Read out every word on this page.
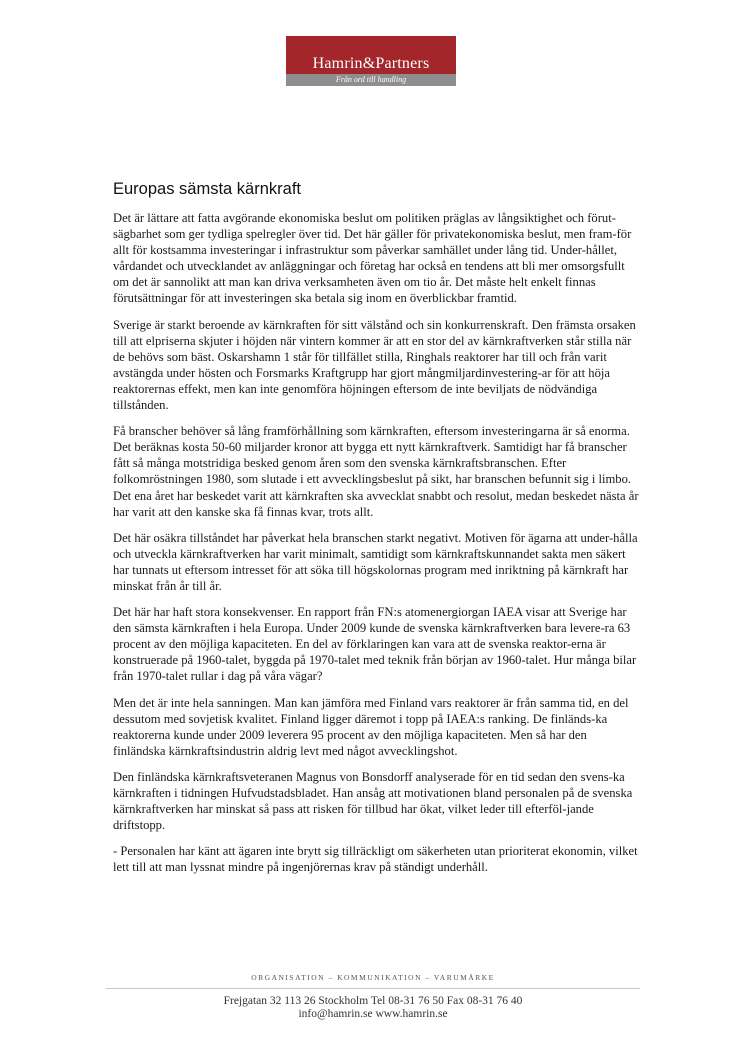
Hamrin&Partners
Från ord till handling
Europas sämsta kärnkraft

Det är lättare att fatta avgörande ekonomiska beslut om politiken präglas av långsiktighet och förut-sägbarhet som ger tydliga spelregler över tid. Det här gäller för privatekonomiska beslut, men fram-för allt för kostsamma investeringar i infrastruktur som påverkar samhället under lång tid. Under-hållet, vårdandet och utvecklandet av anläggningar och företag har också en tendens att bli mer omsorgsfullt om det är sannolikt att man kan driva verksamheten även om tio år. Det måste helt enkelt finnas förutsättningar för att investeringen ska betala sig inom en överblickbar framtid.

Sverige är starkt beroende av kärnkraften för sitt välstånd och sin konkurrenskraft. Den främsta orsaken till att elpriserna skjuter i höjden när vintern kommer är att en stor del av kärnkraftverken står stilla när de behövs som bäst. Oskarshamn 1 står för tillfället stilla, Ringhals reaktorer har till och från varit avstängda under hösten och Forsmarks Kraftgrupp har gjort mångmiljardinvestering-ar för att höja reaktorernas effekt, men kan inte genomföra höjningen eftersom de inte beviljats de nödvändiga tillstånden.

Få branscher behöver så lång framförhållning som kärnkraften, eftersom investeringarna är så enorma. Det beräknas kosta 50-60 miljarder kronor att bygga ett nytt kärnkraftverk. Samtidigt har få branscher fått så många motstridiga besked genom åren som den svenska kärnkraftsbranschen. Efter folkomröstningen 1980, som slutade i ett avvecklingsbeslut på sikt, har branschen befunnit sig i limbo. Det ena året har beskedet varit att kärnkraften ska avvecklat snabbt och resolut, medan beskedet nästa år har varit att den kanske ska få finnas kvar, trots allt.

Det här osäkra tillståndet har påverkat hela branschen starkt negativt. Motiven för ägarna att under-hålla och utveckla kärnkraftverken har varit minimalt, samtidigt som kärnkraftskunnandet sakta men säkert har tunnats ut eftersom intresset för att söka till högskolornas program med inriktning på kärnkraft har minskat från år till år.

Det här har haft stora konsekvenser. En rapport från FN:s atomenergiorgan IAEA visar att Sverige har den sämsta kärnkraften i hela Europa. Under 2009 kunde de svenska kärnkraftverken bara levere-ra 63 procent av den möjliga kapaciteten. En del av förklaringen kan vara att de svenska reaktor-erna är konstruerade på 1960-talet, byggda på 1970-talet med teknik från början av 1960-talet. Hur många bilar från 1970-talet rullar i dag på våra vägar?

Men det är inte hela sanningen. Man kan jämföra med Finland vars reaktorer är från samma tid, en del dessutom med sovjetisk kvalitet. Finland ligger däremot i topp på IAEA:s ranking. De finländs-ka reaktorerna kunde under 2009 leverera 95 procent av den möjliga kapaciteten. Men så har den finländska kärnkraftsindustrin aldrig levt med något avvecklingshot.

Den finländska kärnkraftsveteranen Magnus von Bonsdorff analyserade för en tid sedan den svens-ka kärnkraften i tidningen Hufvudstadsbladet. Han ansåg att motivationen bland personalen på de svenska kärnkraftverken har minskat så pass att risken för tillbud har ökat, vilket leder till efterföl-jande driftstopp.

- Personalen har känt att ägaren inte brytt sig tillräckligt om säkerheten utan prioriterat ekonomin, vilket lett till att man lyssnat mindre på ingenjörernas krav på ständigt underhåll.

ORGANISATION – KOMMUNIKATION – VARUMÄRKE
Frejgatan 32 113 26 Stockholm Tel 08-31 76 50 Fax 08-31 76 40
info@hamrin.se www.hamrin.se
